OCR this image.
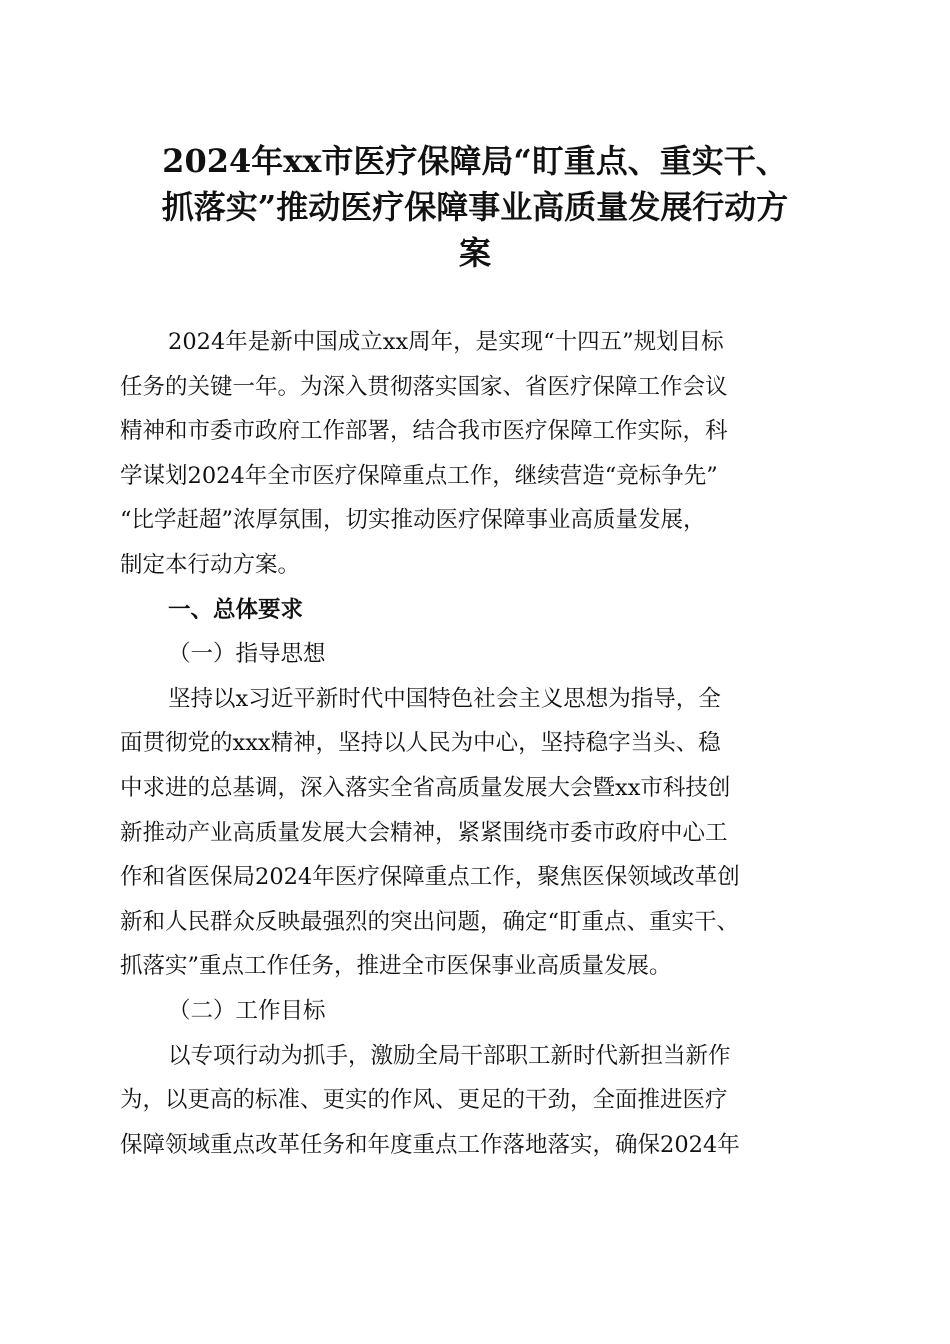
2024年xx市医疗保障局“盯重点、重实干、
抓落实”推动医疗保障事业高质量发展行动方
案
2024年是新中国成立xx周年，是实现“十四五”规划目标
任务的关键一年。为深入贯彻落实国家、省医疗保障工作会议
精神和市委市政府工作部署，结合我市医疗保障工作实际，科
学谋划2024年全市医疗保障重点工作，继续营造“竞标争先”
“比学赶超”浓厚氛围，切实推动医疗保障事业高质量发展，
制定本行动方案。
一、总体要求
（一）指导思想
坚持以x习近平新时代中国特色社会主义思想为指导，全
面贯彻党的xxx精神，坚持以人民为中心，坚持稳字当头、稳
中求进的总基调，深入落实全省高质量发展大会暨xx市科技创
新推动产业高质量发展大会精神，紧紧围绕市委市政府中心工
作和省医保局2024年医疗保障重点工作，聚焦医保领域改革创
新和人民群众反映最强烈的突出问题，确定“盯重点、重实干、
抓落实”重点工作任务，推进全市医保事业高质量发展。
（二）工作目标
以专项行动为抓手，激励全局干部职工新时代新担当新作
为，以更高的标准、更实的作风、更足的干劲，全面推进医疗
保障领域重点改革任务和年度重点工作落地落实，确保2024年
